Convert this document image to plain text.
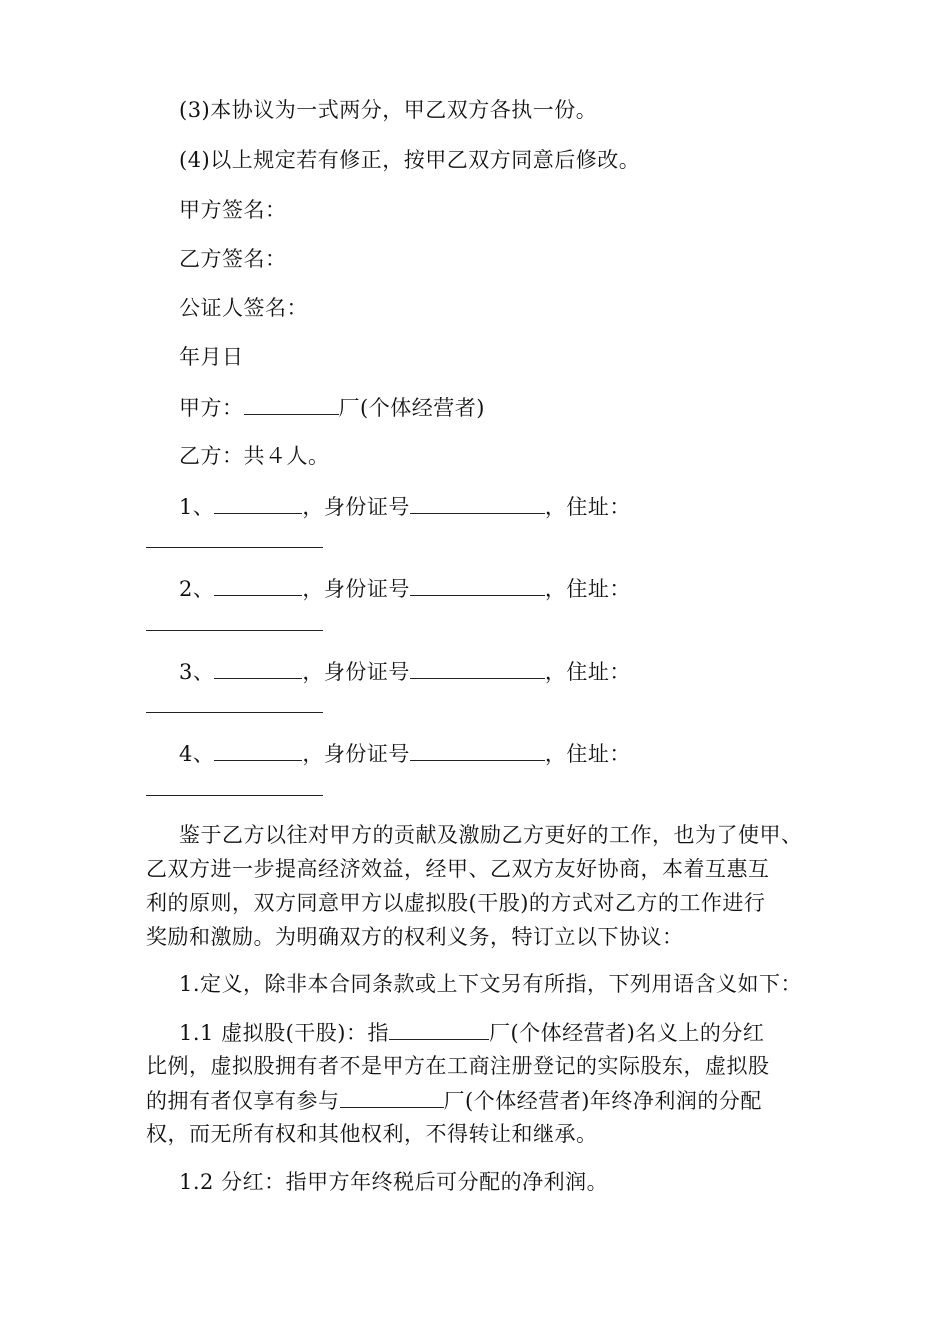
(3)本协议为一式两分，甲乙双方各执一份。
(4)以上规定若有修正，按甲乙双方同意后修改。
甲方签名：
乙方签名：
公证人签名：
年月日
甲方：	厂(个体经营者)
乙方：共４人。
1、	，身份证号	，住址：
2、	，身份证号	，住址：
3、	，身份证号	，住址：
4、	，身份证号	，住址：
鉴于乙方以往对甲方的贡献及激励乙方更好的工作，也为了使甲、
乙双方进一步提高经济效益，经甲、乙双方友好协商，本着互惠互
利的原则，双方同意甲方以虚拟股(干股)的方式对乙方的工作进行
奖励和激励。为明确双方的权利义务，特订立以下协议：
1.定义，除非本合同条款或上下文另有所指，下列用语含义如下：
1.1 虚拟股(干股)：指	厂(个体经营者)名义上的分红
比例，虚拟股拥有者不是甲方在工商注册登记的实际股东，虚拟股
的拥有者仅享有参与	厂(个体经营者)年终净利润的分配
权，而无所有权和其他权利，不得转让和继承。
1.2 分红：指甲方年终税后可分配的净利润。
